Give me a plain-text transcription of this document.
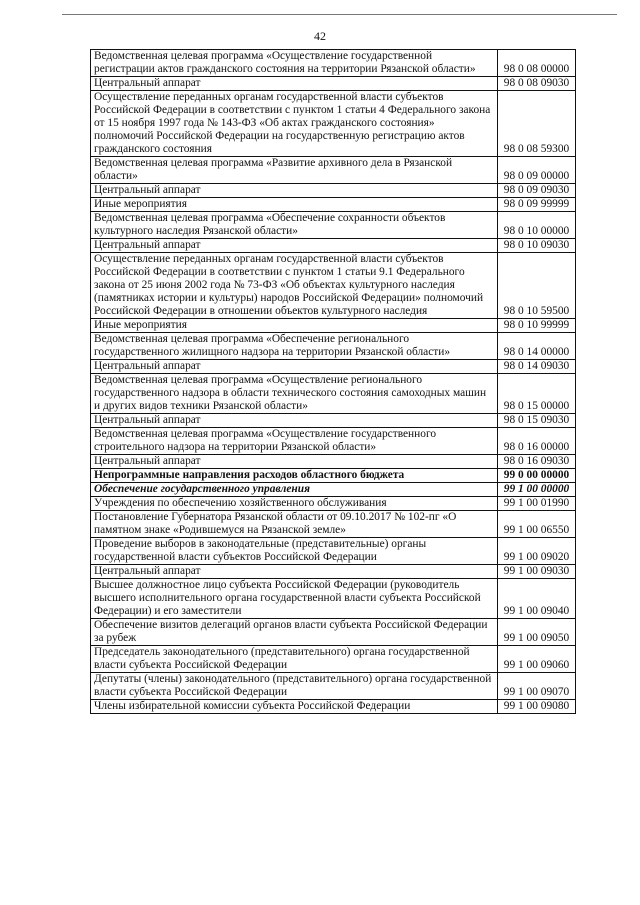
42
Ведомственная целевая программа «Осуществление государственной регистрации актов гражданского состояния на территории Рязанской области»	98 0 08 00000
Центральный аппарат	98 0 08 09030
Осуществление переданных органам государственной власти субъектов Российской Федерации в соответствии с пунктом 1 статьи 4 Федерального закона от 15 ноября 1997 года № 143-ФЗ «Об актах гражданского состояния» полномочий Российской Федерации на государственную регистрацию актов гражданского состояния	98 0 08 59300
Ведомственная целевая программа «Развитие архивного дела в Рязанской области»	98 0 09 00000
Центральный аппарат	98 0 09 09030
Иные мероприятия	98 0 09 99999
Ведомственная целевая программа «Обеспечение сохранности объектов культурного наследия Рязанской области»	98 0 10 00000
Центральный аппарат	98 0 10 09030
Осуществление переданных органам государственной власти субъектов Российской Федерации в соответствии с пунктом 1 статьи 9.1 Федерального закона от 25 июня 2002 года № 73-ФЗ «Об объектах культурного наследия (памятниках истории и культуры) народов Российской Федерации» полномочий Российской Федерации в отношении объектов культурного наследия	98 0 10 59500
Иные мероприятия	98 0 10 99999
Ведомственная целевая программа «Обеспечение регионального государственного жилищного надзора на территории Рязанской области»	98 0 14 00000
Центральный аппарат	98 0 14 09030
Ведомственная целевая программа «Осуществление регионального государственного надзора в области технического состояния самоходных машин и других видов техники Рязанской области»	98 0 15 00000
Центральный аппарат	98 0 15 09030
Ведомственная целевая программа «Осуществление государственного строительного надзора на территории Рязанской области»	98 0 16 00000
Центральный аппарат	98 0 16 09030
Непрограммные направления расходов областного бюджета	99 0 00 00000
Обеспечение государственного управления	99 1 00 00000
Учреждения по обеспечению хозяйственного обслуживания	99 1 00 01990
Постановление Губернатора Рязанской области от 09.10.2017 № 102-пг «О памятном знаке «Родившемуся на Рязанской земле»	99 1 00 06550
Проведение выборов в законодательные (представительные) органы государственной власти субъектов Российской Федерации	99 1 00 09020
Центральный аппарат	99 1 00 09030
Высшее должностное лицо субъекта Российской Федерации (руководитель высшего исполнительного органа государственной власти субъекта Российской Федерации) и его заместители	99 1 00 09040
Обеспечение визитов делегаций органов власти субъекта Российской Федерации за рубеж	99 1 00 09050
Председатель законодательного (представительного) органа государственной власти субъекта Российской Федерации	99 1 00 09060
Депутаты (члены) законодательного (представительного) органа государственной власти субъекта Российской Федерации	99 1 00 09070
Члены избирательной комиссии субъекта Российской Федерации	99 1 00 09080
